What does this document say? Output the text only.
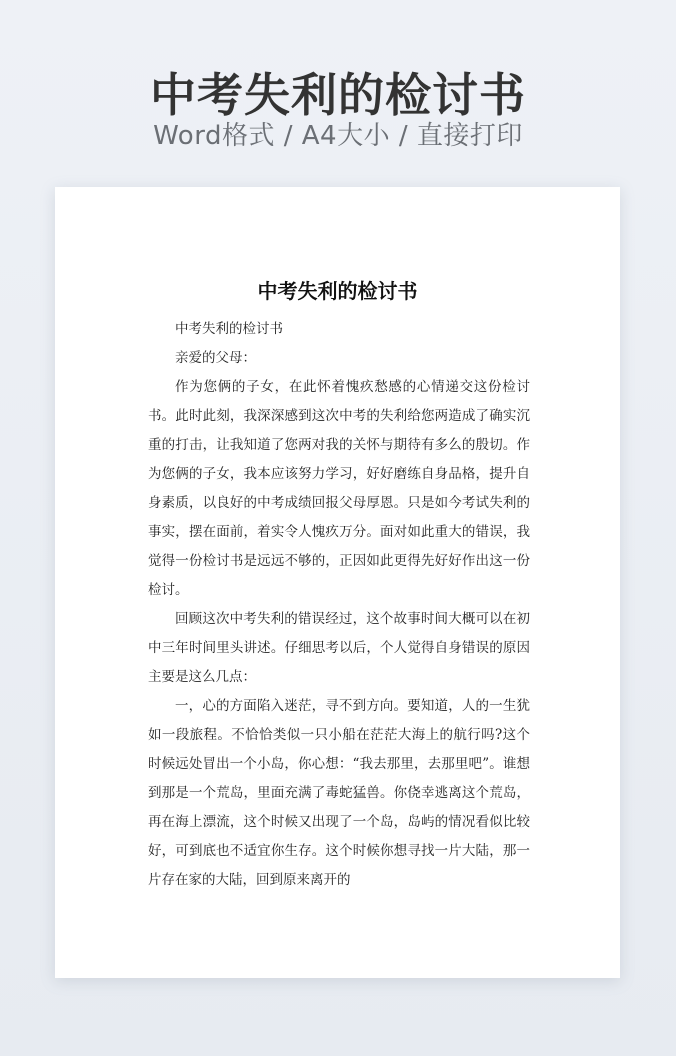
中考失利的检讨书
Word格式 / A4大小 / 直接打印
中考失利的检讨书

中考失利的检讨书

亲爱的父母：

作为您俩的子女，在此怀着愧疚愁感的心情递交这份检讨书。此时此刻，我深深感到这次中考的失利给您两造成了确实沉重的打击，让我知道了您两对我的关怀与期待有多么的殷切。作为您俩的子女，我本应该努力学习，好好磨练自身品格，提升自身素质，以良好的中考成绩回报父母厚恩。只是如今考试失利的事实，摆在面前，着实令人愧疚万分。面对如此重大的错误，我觉得一份检讨书是远远不够的，正因如此更得先好好作出这一份检讨。

回顾这次中考失利的错误经过，这个故事时间大概可以在初中三年时间里头讲述。仔细思考以后，个人觉得自身错误的原因主要是这么几点：

一，心的方面陷入迷茫，寻不到方向。要知道，人的一生犹如一段旅程。不恰恰类似一只小船在茫茫大海上的航行吗?这个时候远处冒出一个小岛，你心想：“我去那里，去那里吧”。谁想到那是一个荒岛，里面充满了毒蛇猛兽。你侥幸逃离这个荒岛，再在海上漂流，这个时候又出现了一个岛，岛屿的情况看似比较好，可到底也不适宜你生存。这个时候你想寻找一片大陆，那一片存在家的大陆，回到原来离开的
